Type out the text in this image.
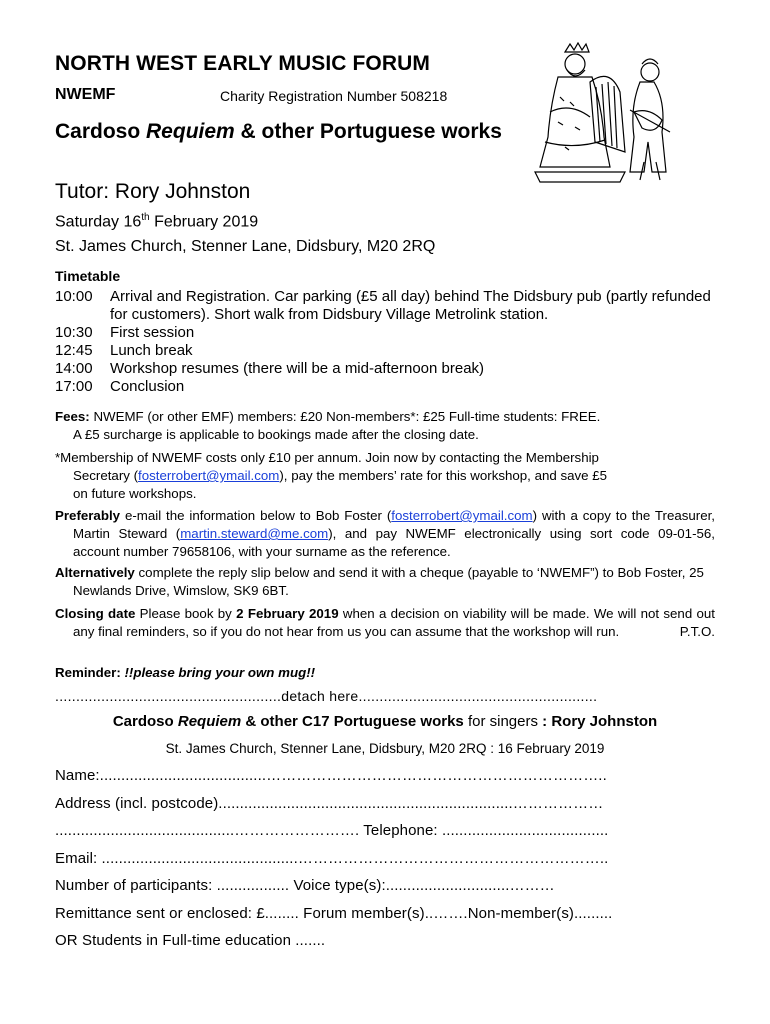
NORTH WEST EARLY MUSIC FORUM
NWEMF	Charity Registration Number 508218
Cardoso Requiem & other Portuguese works
Tutor: Rory Johnston
Saturday 16th February 2019
St. James Church, Stenner Lane, Didsbury, M20 2RQ
Timetable
10:00 Arrival and Registration. Car parking (£5 all day) behind The Didsbury pub (partly refunded for customers). Short walk from Didsbury Village Metrolink station.
10:30 First session
12:45 Lunch break
14:00 Workshop resumes (there will be a mid-afternoon break)
17:00 Conclusion
Fees: NWEMF (or other EMF) members: £20 Non-members*: £25 Full-time students: FREE.
A £5 surcharge is applicable to bookings made after the closing date.
*Membership of NWEMF costs only £10 per annum. Join now by contacting the Membership
Secretary (fosterrobert@ymail.com), pay the members’ rate for this workshop, and save £5
on future workshops.
Preferably e-mail the information below to Bob Foster (fosterrobert@ymail.com) with a copy to the Treasurer, Martin Steward (martin.steward@me.com), and pay NWEMF electronically using sort code 09-01-56, account number 79658106, with your surname as the reference.
Alternatively complete the reply slip below and send it with a cheque (payable to ‘NWEMF”) to Bob Foster, 25 Newlands Drive, Wimslow, SK9 6BT.
Closing date Please book by 2 February 2019 when a decision on viability will be made. We will not send out any final reminders, so if you do not hear from us you can assume that the workshop will run.	P.T.O.
Reminder: !!please bring your own mug!!
......................................................detach here.........................................................
Cardoso Requiem & other C17 Portuguese works for singers : Rory Johnston
St. James Church, Stenner Lane, Didsbury, M20 2RQ : 16 February 2019
Name:.......................................…………………………………………………………..
Address (incl. postcode).....................................................................………………
..........................................……………………. Telephone: .......................................
Email: ..............................................……………………………………………………..
Number of participants: ................. Voice type(s):.............................………
Remittance sent or enclosed: £........ Forum member(s)..…….Non-member(s).........
OR Students in Full-time education .......
